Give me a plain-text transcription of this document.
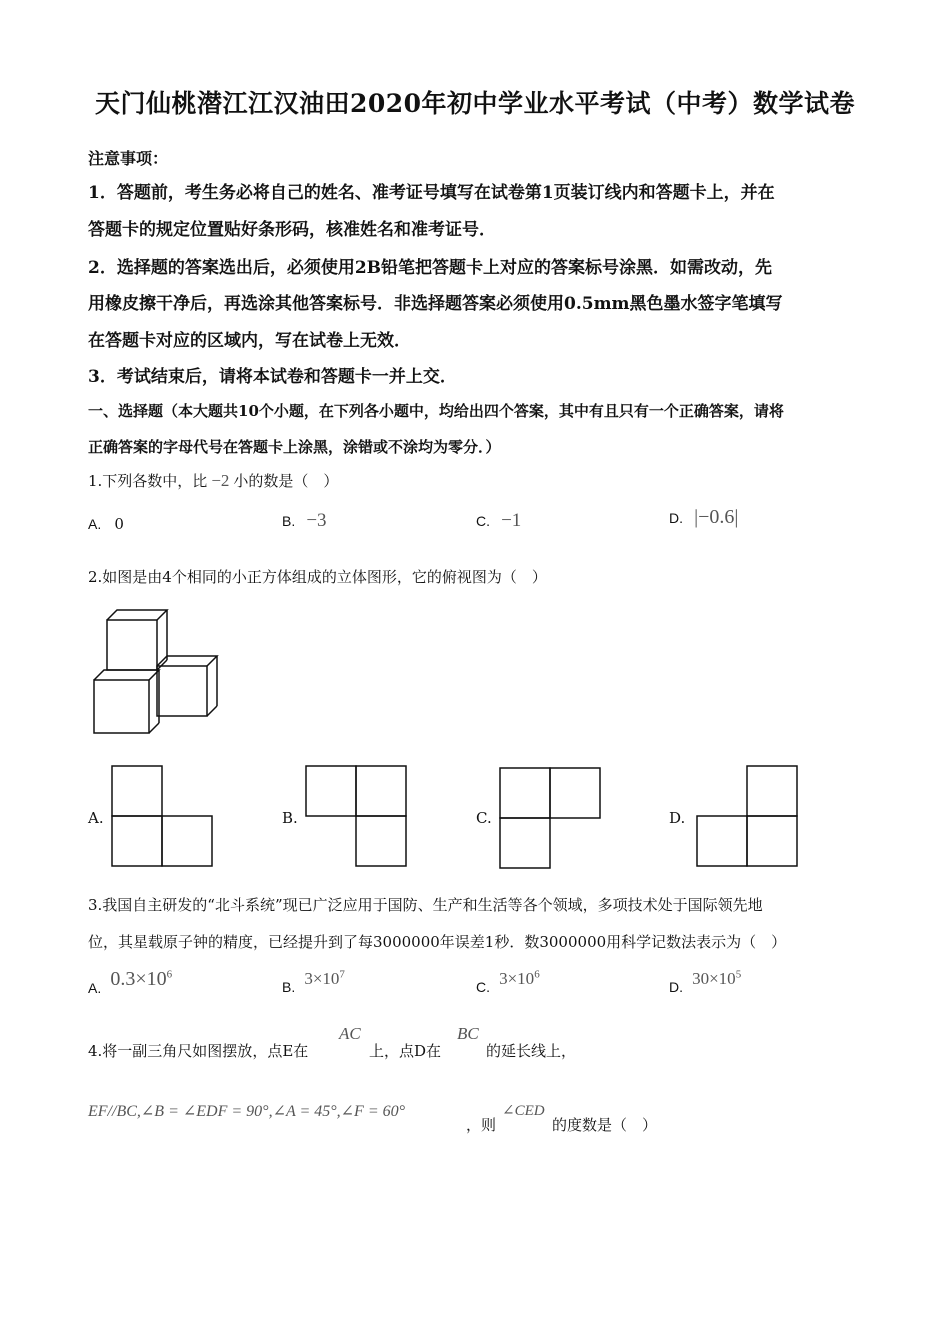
天门仙桃潜江江汉油田2020年初中学业水平考试（中考）数学试卷
注意事项：
1．答题前，考生务必将自己的姓名、准考证号填写在试卷第1页装订线内和答题卡上，并在
答题卡的规定位置贴好条形码，核准姓名和准考证号．
2．选择题的答案选出后，必须使用2B铅笔把答题卡上对应的答案标号涂黑．如需改动，先
用橡皮擦干净后，再选涂其他答案标号．非选择题答案必须使用0.5mm黑色墨水签字笔填写
在答题卡对应的区域内，写在试卷上无效．
3．考试结束后，请将本试卷和答题卡一并上交．
一、选择题（本大题共10个小题，在下列各小题中，均给出四个答案，其中有且只有一个正确答案，请将
正确答案的字母代号在答题卡上涂黑，涂错或不涂均为零分．）
1.下列各数中，比 −2 小的数是（　）
A. 0	B. −3	C. −1	D. |−0.6|
2.如图是由4个相同的小正方体组成的立体图形，它的俯视图为（　）
A.	B.	C.	D.
3.我国自主研发的“北斗系统”现已广泛应用于国防、生产和生活等各个领域，多项技术处于国际领先地
位，其星载原子钟的精度，已经提升到了每3000000年误差1秒．数3000000用科学记数法表示为（　）
A. $0.3\times 10^6$
B. $3\times 10^7$
C. $3\times 10^6$
D. $30\times 10^5$
4.将一副三角尺如图摆放，点E在
AC
上，点D在
BC
的延长线上，
EF//BC,∠B = ∠EDF = 90°,∠A = 45°,∠F = 60°
，则
∠CED
的度数是（　）
